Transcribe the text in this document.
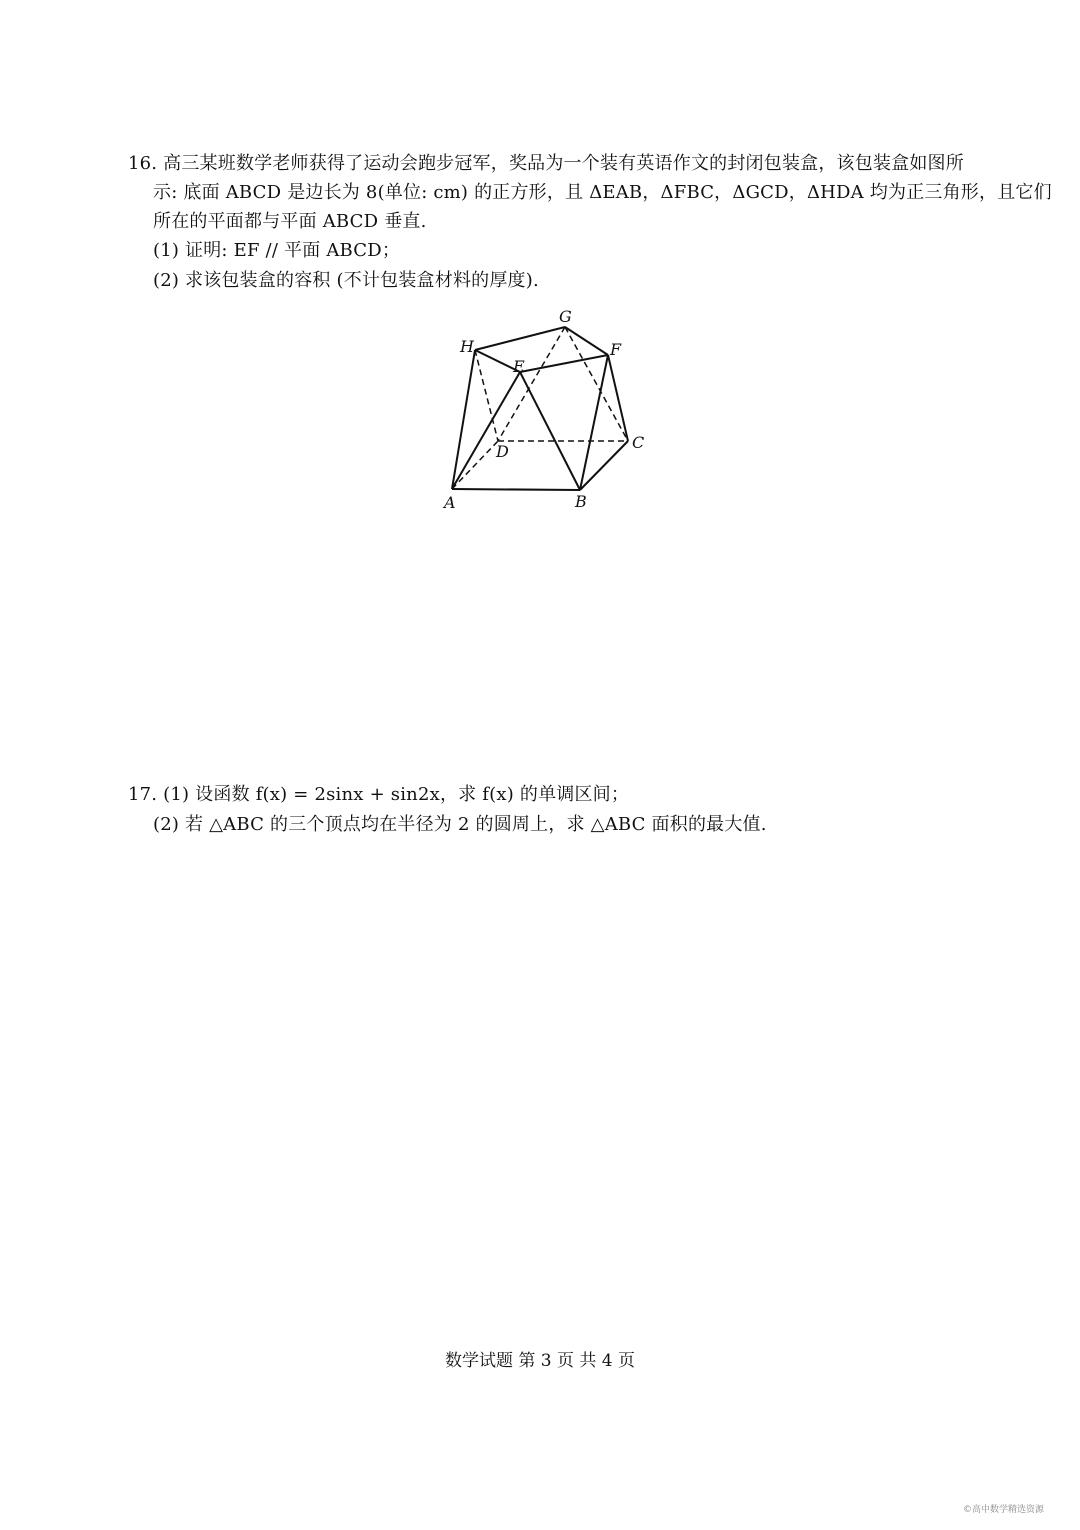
16. 高三某班数学老师获得了运动会跑步冠军，奖品为一个装有英语作文的封闭包装盒，该包装盒如图所
示: 底面 ABCD 是边长为 8(单位: cm) 的正方形，且 ΔEAB，ΔFBC，ΔGCD，ΔHDA 均为正三角形，且它们
所在的平面都与平面 ABCD 垂直.
(1) 证明: EF // 平面 ABCD；
(2) 求该包装盒的容积 (不计包装盒材料的厚度).
A	B
C
D
E
F
G
H
17. (1) 设函数 f(x) = 2sinx + sin2x，求 f(x) 的单调区间；
(2) 若 △ABC 的三个顶点均在半径为 2 的圆周上，求 △ABC 面积的最大值.
数学试题 第 3 页 共 4 页
©高中数学精选资源
